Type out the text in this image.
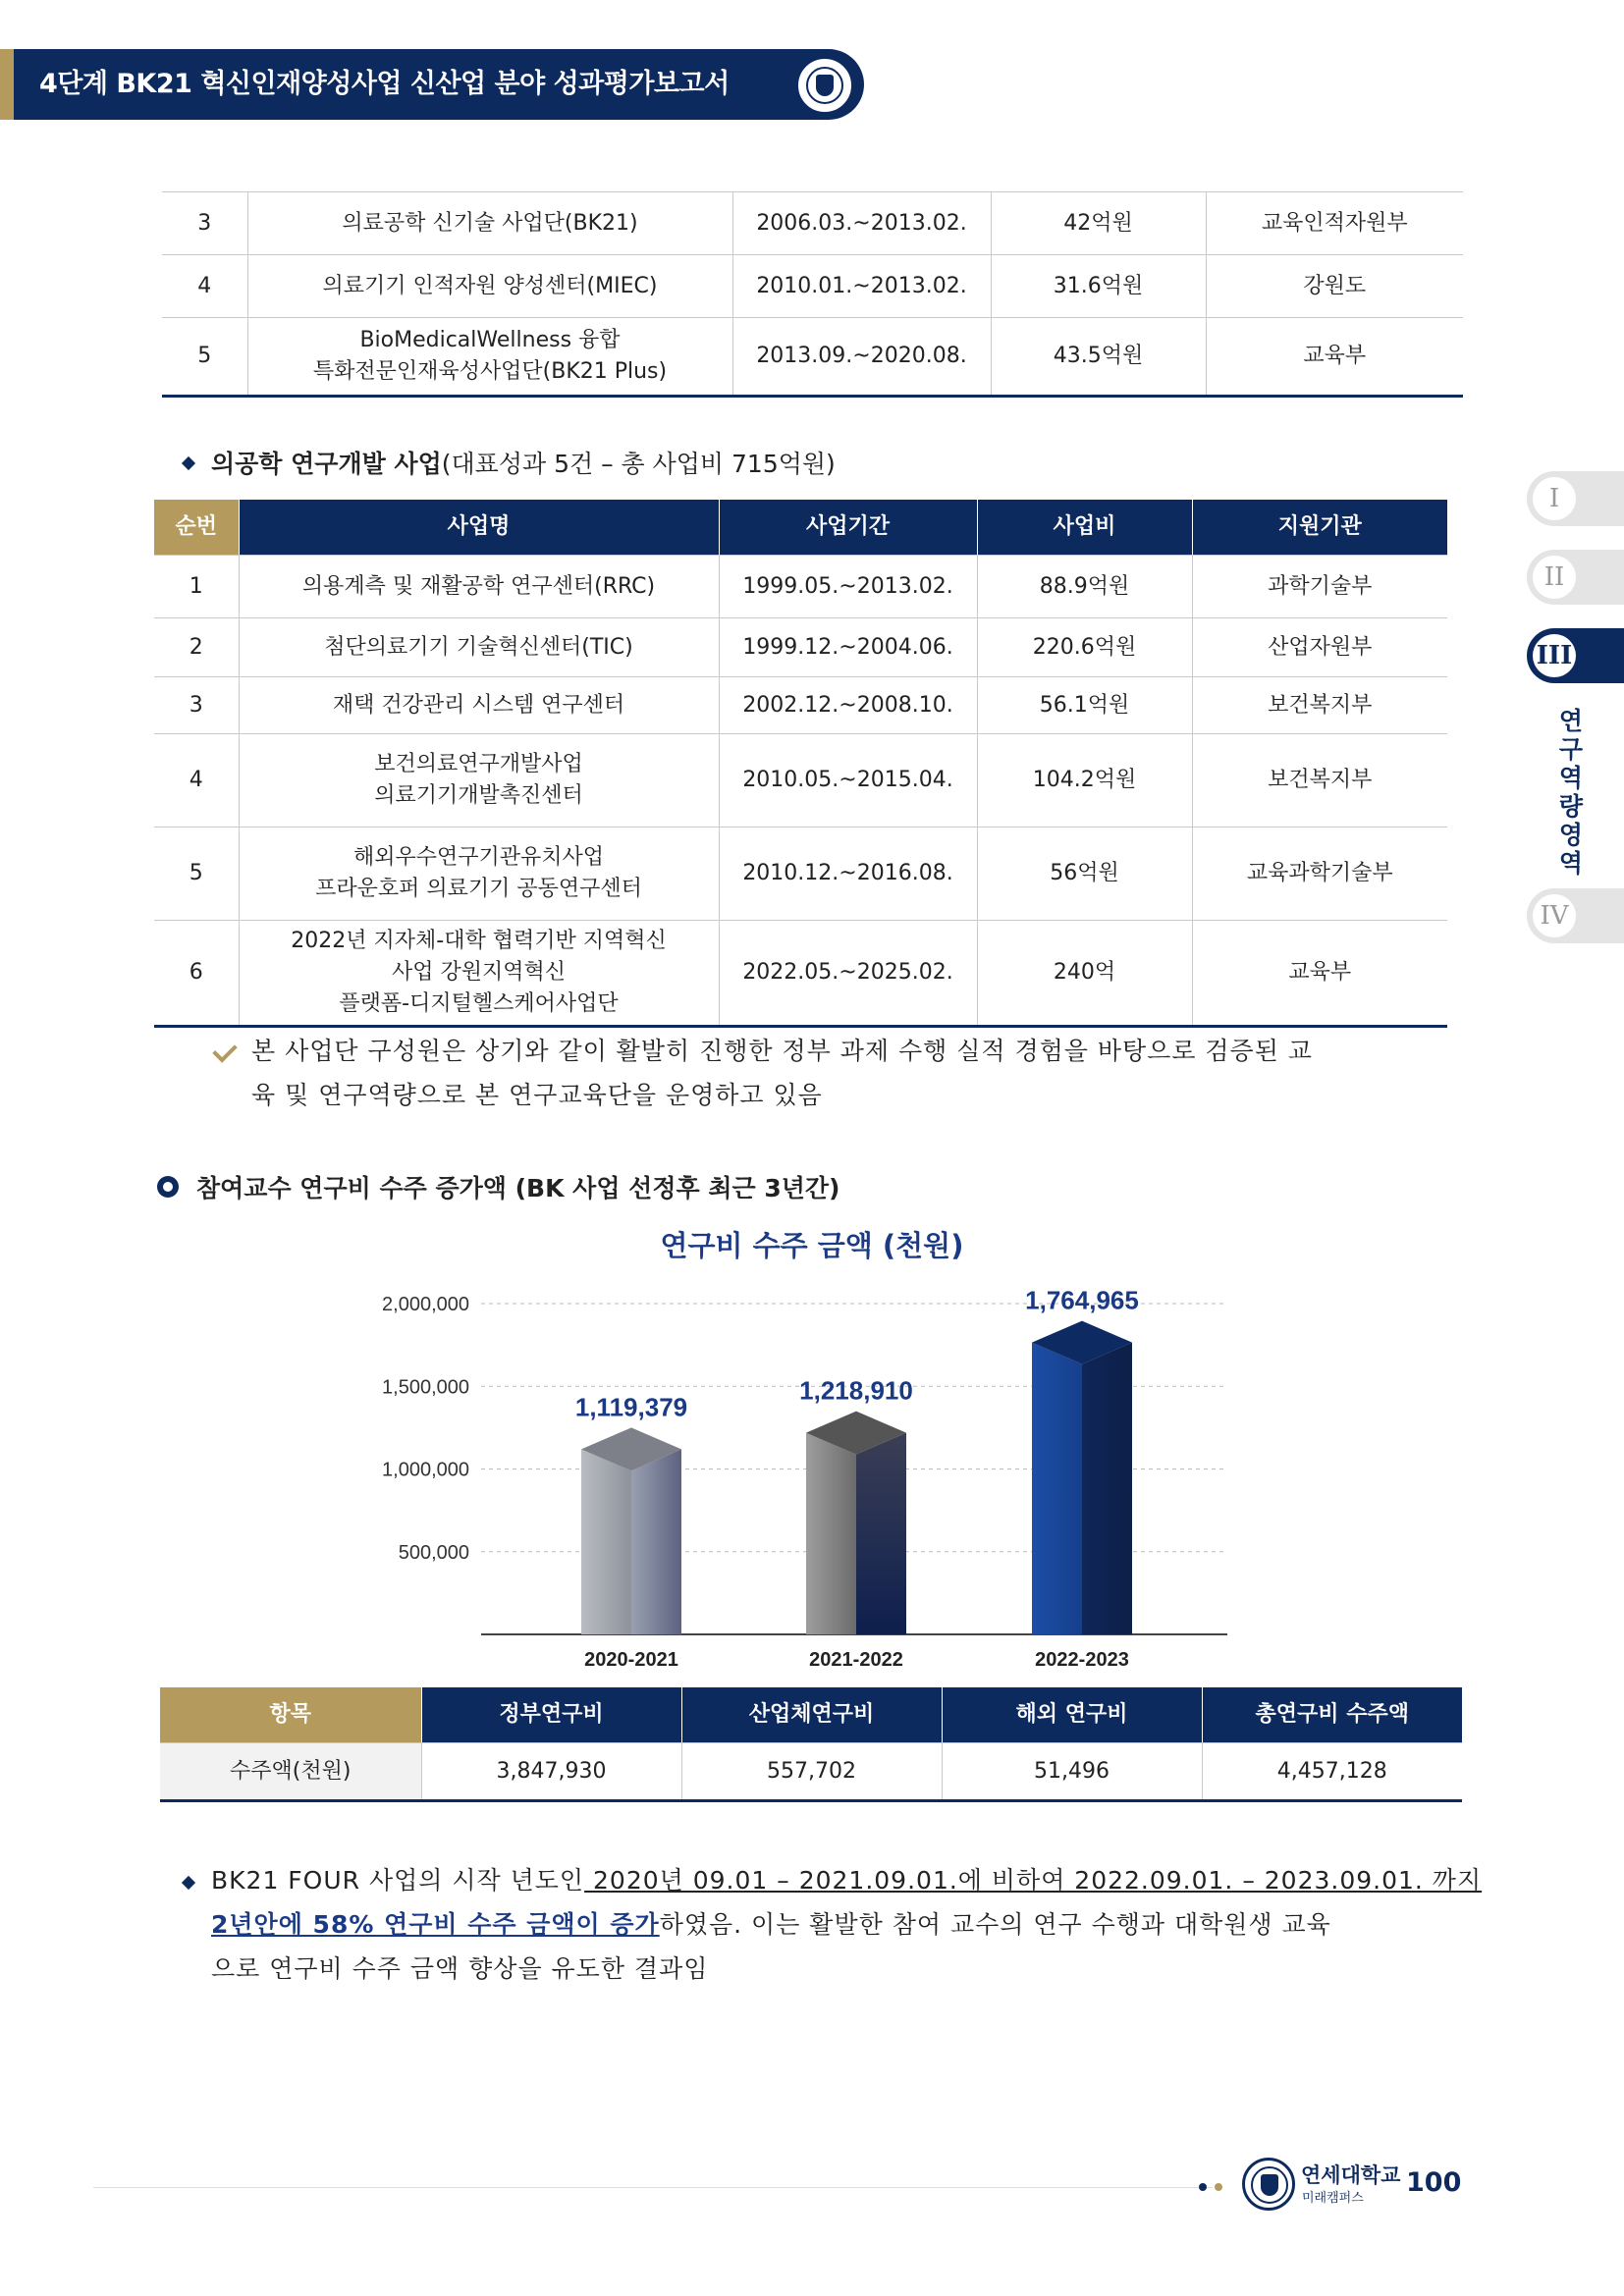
4단계 BK21 혁신인재양성사업 신산업 분야 성과평가보고서
3	의료공학 신기술 사업단(BK21)	2006.03.~2013.02.	42억원	교육인적자원부
4	의료기기 인적자원 양성센터(MIEC)	2010.01.~2013.02.	31.6억원	강원도
5	BioMedicalWellness 융합
특화전문인재육성사업단(BK21 Plus)	2013.09.~2020.08.	43.5억원	교육부
의공학 연구개발 사업(대표성과 5건 – 총 사업비 715억원)
순번	사업명	사업기간	사업비	지원기관
1	의용계측 및 재활공학 연구센터(RRC)	1999.05.~2013.02.	88.9억원	과학기술부
2	첨단의료기기 기술혁신센터(TIC)	1999.12.~2004.06.	220.6억원	산업자원부
3	재택 건강관리 시스템 연구센터	2002.12.~2008.10.	56.1억원	보건복지부
4	보건의료연구개발사업
의료기기개발촉진센터	2010.05.~2015.04.	104.2억원	보건복지부
5	해외우수연구기관유치사업
프라운호퍼 의료기기 공동연구센터	2010.12.~2016.08.	56억원	교육과학기술부
6	2022년 지자체-대학 협력기반 지역혁신
사업 강원지역혁신
플랫폼-디지털헬스케어사업단	2022.05.~2025.02.	240억	교육부
본 사업단 구성원은 상기와 같이 활발히 진행한 정부 과제 수행 실적 경험을 바탕으로 검증된 교
육 및 연구역량으로 본 연구교육단을 운영하고 있음
참여교수 연구비 수주 증가액 (BK 사업 선정후 최근 3년간)
연구비 수주 금액 (천원)
500,000
1,000,000
1,500,000
2,000,000
1,119,379
2020-2021
1,218,910
2021-2022
1,764,965
2022-2023
항목	정부연구비	산업체연구비	해외 연구비	총연구비 수주액
수주액(천원)	3,847,930	557,702	51,496	4,457,128
BK21 FOUR 사업의 시작 년도인 2020년 09.01 – 2021.09.01.에 비하여 2022.09.01. – 2023.09.01. 까지
2년안에 58% 연구비 수주 금액이 증가하였음. 이는 활발한 참여 교수의 연구 수행과 대학원생 교육
으로 연구비 수주 금액 향상을 유도한 결과임
I
II
III
연구역량 영역
IV
연세대학교
미래캠퍼스
100
